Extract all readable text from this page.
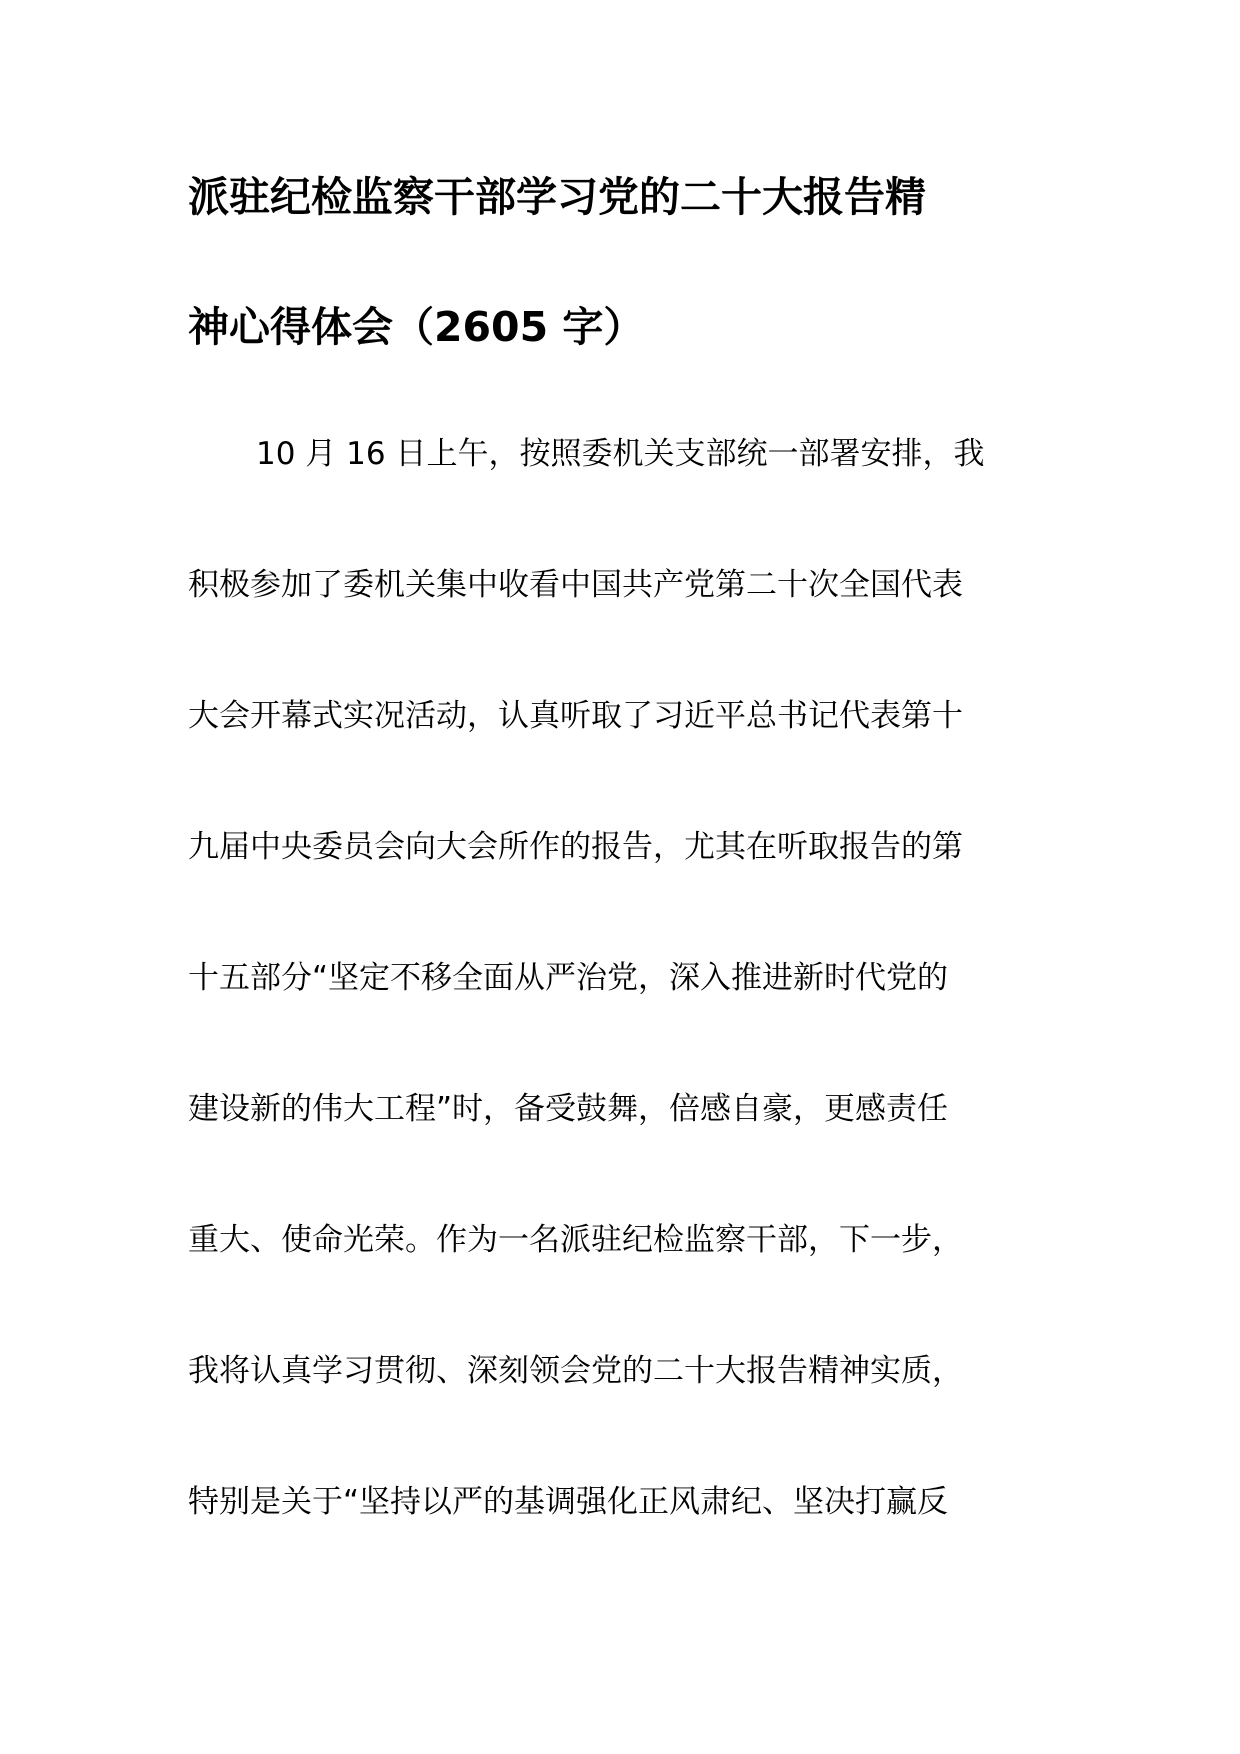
派驻纪检监察干部学习党的二十大报告精
神心得体会（2605 字）
10 月 16 日上午，按照委机关支部统一部署安排，我
积极参加了委机关集中收看中国共产党第二十次全国代表
大会开幕式实况活动，认真听取了习近平总书记代表第十
九届中央委员会向大会所作的报告，尤其在听取报告的第
十五部分“坚定不移全面从严治党，深入推进新时代党的
建设新的伟大工程”时，备受鼓舞，倍感自豪，更感责任
重大、使命光荣。作为一名派驻纪检监察干部，下一步，
我将认真学习贯彻、深刻领会党的二十大报告精神实质，
特别是关于“坚持以严的基调强化正风肃纪、坚决打赢反
